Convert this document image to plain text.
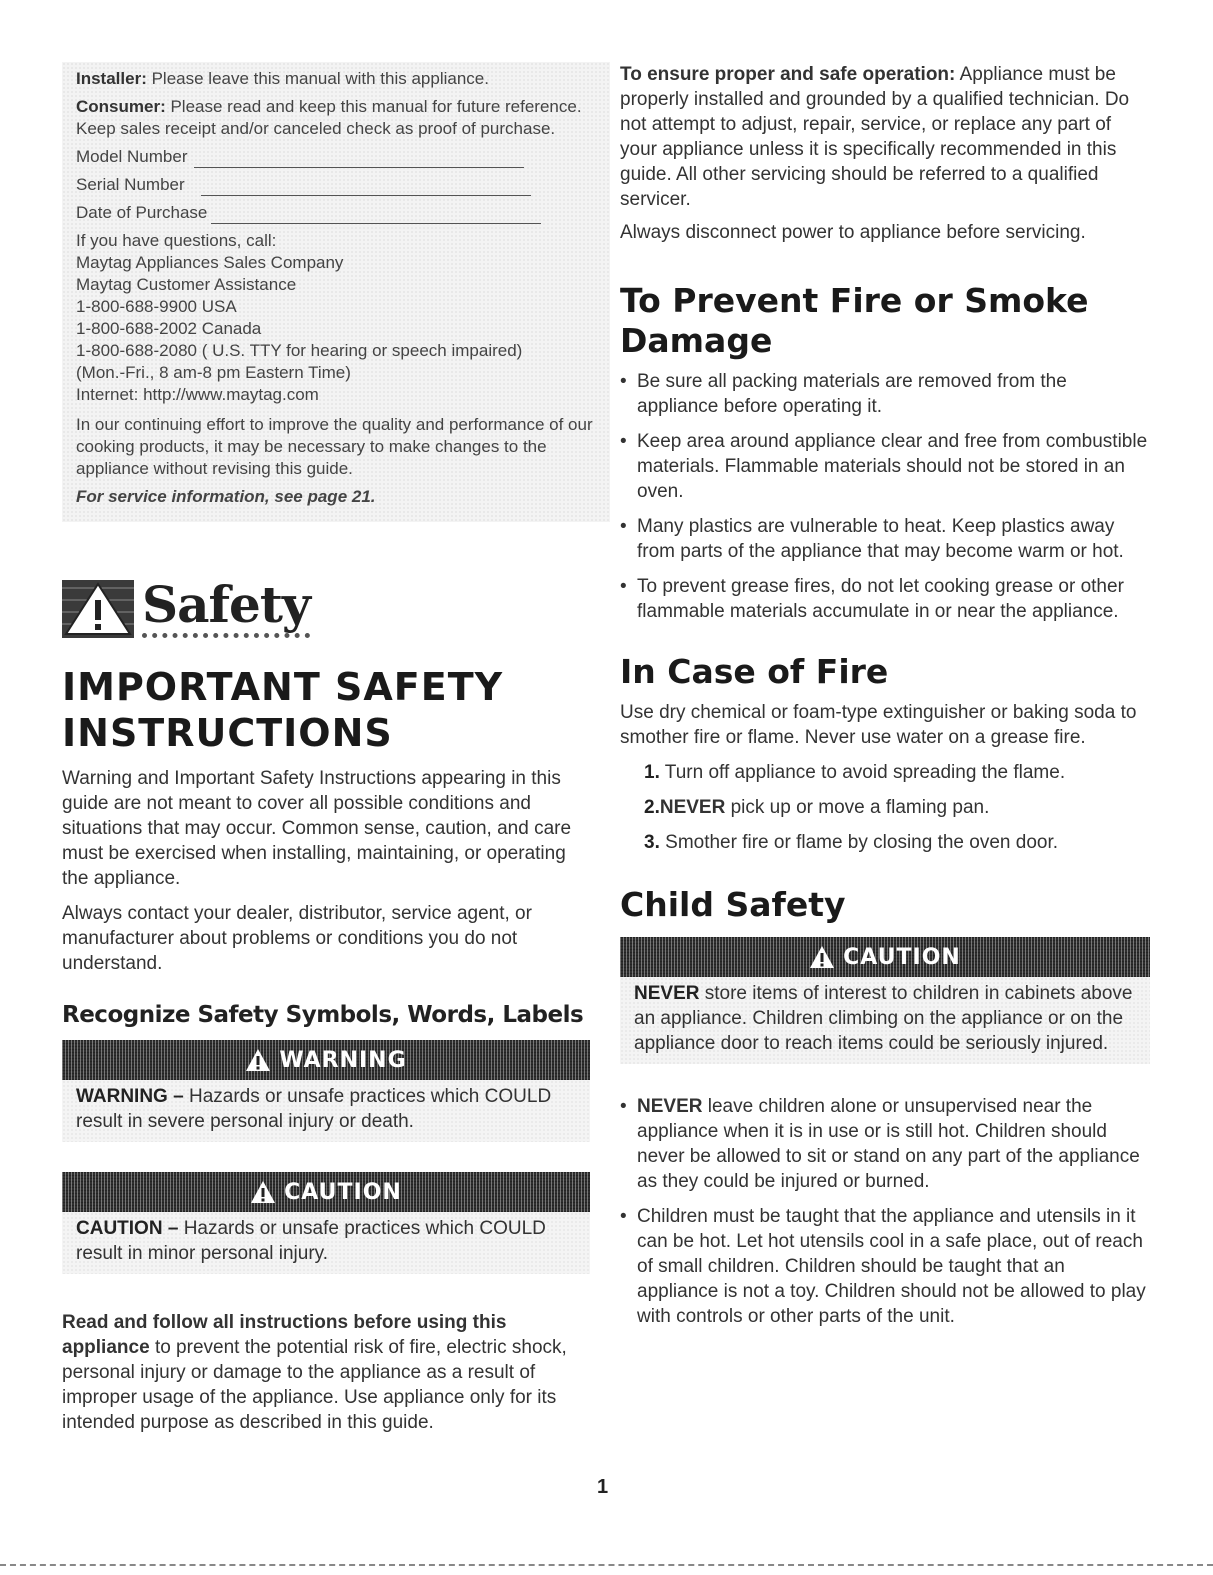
Installer: Please leave this manual with this appliance.

Consumer: Please read and keep this manual for future reference. Keep sales receipt and/or canceled check as proof of purchase.

Model Number
Serial Number
Date of Purchase
If you have questions, call:
Maytag Appliances Sales Company
Maytag Customer Assistance
1-800-688-9900 USA
1-800-688-2002 Canada
1-800-688-2080 ( U.S. TTY for hearing or speech impaired)
(Mon.-Fri., 8 am-8 pm Eastern Time)
Internet: http://www.maytag.com

In our continuing effort to improve the quality and performance of our cooking products, it may be necessary to make changes to the appliance without revising this guide.

For service information, see page 21.

Safety
IMPORTANT SAFETY
INSTRUCTIONS

Warning and Important Safety Instructions appearing in this guide are not meant to cover all possible conditions and situations that may occur. Common sense, caution, and care must be exercised when installing, maintaining, or operating the appliance.

Always contact your dealer, distributor, service agent, or manufacturer about problems or conditions you do not understand.

Recognize Safety Symbols, Words, Labels
WARNING
WARNING – Hazards or unsafe practices which COULD result in severe personal injury or death.
CAUTION
CAUTION – Hazards or unsafe practices which COULD result in minor personal injury.

Read and follow all instructions before using this appliance to prevent the potential risk of fire, electric shock, personal injury or damage to the appliance as a result of improper usage of the appliance. Use appliance only for its intended purpose as described in this guide.

1

To ensure proper and safe operation: Appliance must be properly installed and grounded by a qualified technician. Do not attempt to adjust, repair, service, or replace any part of your appliance unless it is specifically recommended in this guide. All other servicing should be referred to a qualified servicer.

Always disconnect power to appliance before servicing.

To Prevent Fire or Smoke Damage
• Be sure all packing materials are removed from the appliance before operating it.
• Keep area around appliance clear and free from combustible materials. Flammable materials should not be stored in an oven.
• Many plastics are vulnerable to heat. Keep plastics away from parts of the appliance that may become warm or hot.
• To prevent grease fires, do not let cooking grease or other flammable materials accumulate in or near the appliance.
In Case of Fire

Use dry chemical or foam-type extinguisher or baking soda to smother fire or flame. Never use water on a grease fire.

1. Turn off appliance to avoid spreading the flame.
2.NEVER pick up or move a flaming pan.
3. Smother fire or flame by closing the oven door.
Child Safety
CAUTION
NEVER store items of interest to children in cabinets above an appliance. Children climbing on the appliance or on the appliance door to reach items could be seriously injured.
• NEVER leave children alone or unsupervised near the appliance when it is in use or is still hot. Children should never be allowed to sit or stand on any part of the appliance as they could be injured or burned.
• Children must be taught that the appliance and utensils in it can be hot. Let hot utensils cool in a safe place, out of reach of small children. Children should be taught that an appliance is not a toy. Children should not be allowed to play with controls or other parts of the unit.
